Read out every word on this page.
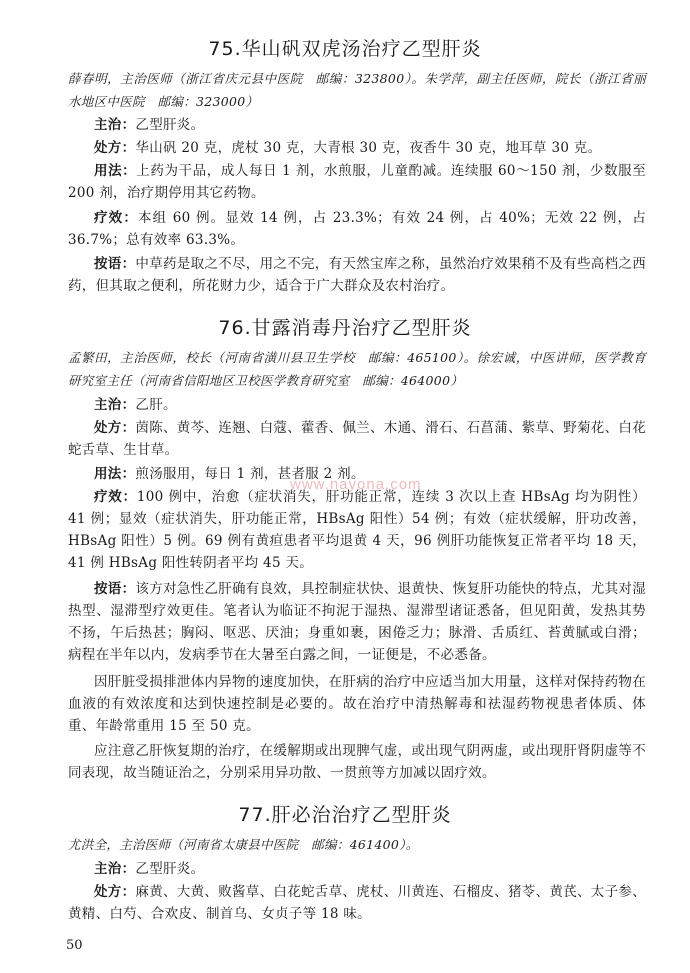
75.华山矾双虎汤治疗乙型肝炎

薛春明，主治医师（浙江省庆元县中医院　邮编：323800）。朱学萍，副主任医师，院长（浙江省丽水地区中医院　邮编：323000）

主治：乙型肝炎。

处方：华山矾 20 克，虎杖 30 克，大青根 30 克，夜香牛 30 克，地耳草 30 克。

用法：上药为干品，成人每日 1 剂，水煎服，儿童酌减。连续服 60～150 剂，少数服至 200 剂，治疗期停用其它药物。

疗效：本组 60 例。显效 14 例，占 23.3%；有效 24 例，占 40%；无效 22 例，占 36.7%；总有效率 63.3%。

按语：中草药是取之不尽，用之不完，有天然宝库之称，虽然治疗效果稍不及有些高档之西药，但其取之便利，所花财力少，适合于广大群众及农村治疗。

76.甘露消毒丹治疗乙型肝炎

孟繁田，主治医师，校长（河南省潢川县卫生学校　邮编：465100）。徐宏诚，中医讲师，医学教育研究室主任（河南省信阳地区卫校医学教育研究室　邮编：464000）

主治：乙肝。

处方：茵陈、黄芩、连翘、白蔻、藿香、佩兰、木通、滑石、石菖蒲、紫草、野菊花、白花蛇舌草、生甘草。

用法：煎汤服用，每日 1 剂，甚者服 2 剂。

疗效：100 例中，治愈（症状消失，肝功能正常，连续 3 次以上查 HBsAg 均为阴性）41 例；显效（症状消失，肝功能正常，HBsAg 阳性）54 例；有效（症状缓解，肝功改善，HBsAg 阳性）5 例。69 例有黄疸患者平均退黄 4 天，96 例肝功能恢复正常者平均 18 天，41 例 HBsAg 阳性转阴者平均 45 天。

按语：该方对急性乙肝确有良效，具控制症状快、退黄快、恢复肝功能快的特点，尤其对湿热型、湿滞型疗效更佳。笔者认为临证不拘泥于湿热、湿滞型诸证悉备，但见阳黄，发热其势不扬，午后热甚；胸闷、呕恶、厌油；身重如裹，困倦乏力；脉滑、舌质红、苔黄腻或白滑；病程在半年以内，发病季节在大暑至白露之间，一证便是，不必悉备。

因肝脏受损排泄体内异物的速度加快，在肝病的治疗中应适当加大用量，这样对保持药物在血液的有效浓度和达到快速控制是必要的。故在治疗中清热解毒和祛湿药物视患者体质、体重、年龄常重用 15 至 50 克。

应注意乙肝恢复期的治疗，在缓解期或出现脾气虚，或出现气阴两虚，或出现肝肾阴虚等不同表现，故当随证治之，分别采用异功散、一贯煎等方加减以固疗效。

77.肝必治治疗乙型肝炎

尤洪全，主治医师（河南省太康县中医院　邮编：461400）。

主治：乙型肝炎。

处方：麻黄、大黄、败酱草、白花蛇舌草、虎杖、川黄连、石榴皮、猪苓、黄芪、太子参、黄精、白芍、合欢皮、制首乌、女贞子等 18 味。

www.nayona.com
50
